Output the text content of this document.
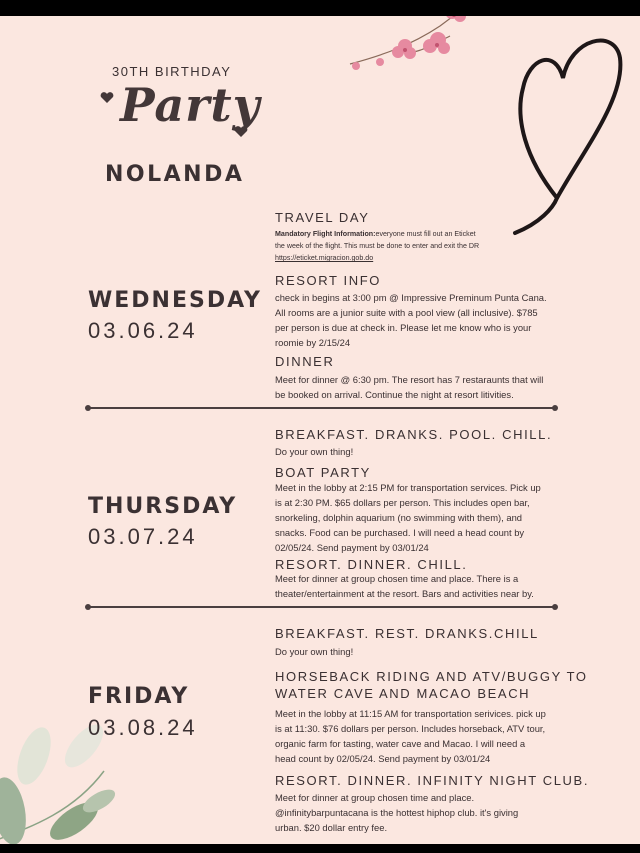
30TH BIRTHDAY
Party
NOLANDA
WEDNESDAY
03.06.24
TRAVEL DAY
Mandatory Flight Information:everyone must fill out an Eticket
the week of the flight. This must be done to enter and exit the DR
https://eticket.migracion.gob.do
RESORT INFO
check in begins at 3:00 pm @ Impressive Preminum Punta Cana.
All rooms are a junior suite with a pool view (all inclusive). $785
per person is due at check in. Please let me know who is your
roomie by 2/15/24
DINNER
Meet for dinner @ 6:30 pm. The resort has 7 restaraunts that will
be booked on arrival. Continue the night at resort litivities.
THURSDAY
03.07.24
BREAKFAST. DRANKS. POOL. CHILL.
Do your own thing!
BOAT PARTY
Meet in the lobby at 2:15 PM for transportation services. Pick up
is at 2:30 PM. $65 dollars per person. This includes open bar,
snorkeling, dolphin aquarium (no swimming with them), and
snacks. Food can be purchased. I will need a head count by
02/05/24. Send payment by 03/01/24
RESORT. DINNER. CHILL.
Meet for dinner at group chosen time and place. There is a
theater/entertainment at the resort. Bars and activities near by.
FRIDAY
03.08.24
BREAKFAST. REST. DRANKS.CHILL
Do your own thing!
HORSEBACK RIDING AND ATV/BUGGY TO
WATER CAVE AND MACAO BEACH
Meet in the lobby at 11:15 AM for transportation serivices. pick up
is at 11:30. $76 dollars per person. Includes horseback, ATV tour,
organic farm for tasting, water cave and Macao. I will need a
head count by 02/05/24. Send payment by 03/01/24
RESORT. DINNER. INFINITY NIGHT CLUB.
Meet for dinner at group chosen time and place.
@infinitybarpuntacana is the hottest hiphop club. it's giving
urban. $20 dollar entry fee.
